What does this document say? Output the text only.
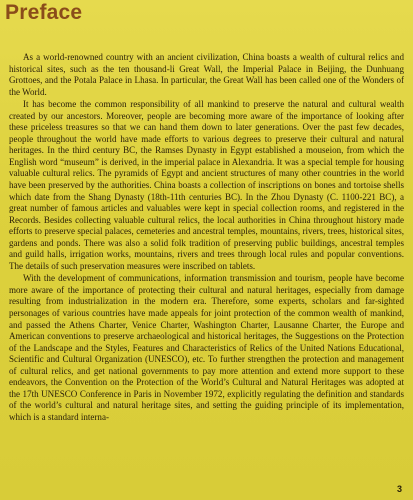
Preface

As a world-renowned country with an ancient civilization, China boasts a wealth of cultural relics and historical sites, such as the ten thousand-li Great Wall, the Imperial Palace in Beijing, the Dunhuang Grottoes, and the Potala Palace in Lhasa. In particular, the Great Wall has been called one of the Wonders of the World.

It has become the common responsibility of all mankind to preserve the natural and cultural wealth created by our ancestors. Moreover, people are becoming more aware of the importance of looking after these priceless treasures so that we can hand them down to later generations. Over the past few decades, people throughout the world have made efforts to various degrees to preserve their cultural and natural heritages. In the third century BC, the Ramses Dynasty in Egypt established a mouseion, from which the English word “museum” is derived, in the imperial palace in Alexandria. It was a special temple for housing valuable cultural relics. The pyramids of Egypt and ancient structures of many other countries in the world have been preserved by the authorities. China boasts a collection of inscriptions on bones and tortoise shells which date from the Shang Dynasty (18th-11th centuries BC). In the Zhou Dynasty (C. 1100-221 BC), a great number of famous articles and valuables were kept in special collection rooms, and registered in the Records. Besides collecting valuable cultural relics, the local authorities in China throughout history made efforts to preserve special palaces, cemeteries and ancestral temples, mountains, rivers, trees, historical sites, gardens and ponds. There was also a solid folk tradition of preserving public buildings, ancestral temples and guild halls, irrigation works, mountains, rivers and trees through local rules and popular conventions. The details of such preservation measures were inscribed on tablets.

With the development of communications, information transmission and tourism, people have become more aware of the importance of protecting their cultural and natural heritages, especially from damage resulting from industrialization in the modern era. Therefore, some experts, scholars and far-sighted personages of various countries have made appeals for joint protection of the common wealth of mankind, and passed the Athens Charter, Venice Charter, Washington Charter, Lausanne Charter, the Europe and American conventions to preserve archaeological and historical heritages, the Suggestions on the Protection of the Landscape and the Styles, Features and Characteristics of Relics of the United Nations Educational, Scientific and Cultural Organization (UNESCO), etc. To further strengthen the protection and management of cultural relics, and get national governments to pay more attention and extend more support to these endeavors, the Convention on the Protection of the World’s Cultural and Natural Heritages was adopted at the 17th UNESCO Conference in Paris in November 1972, explicitly regulating the definition and standards of the world’s cultural and natural heritage sites, and setting the guiding principle of its implementation, which is a standard interna-

3
